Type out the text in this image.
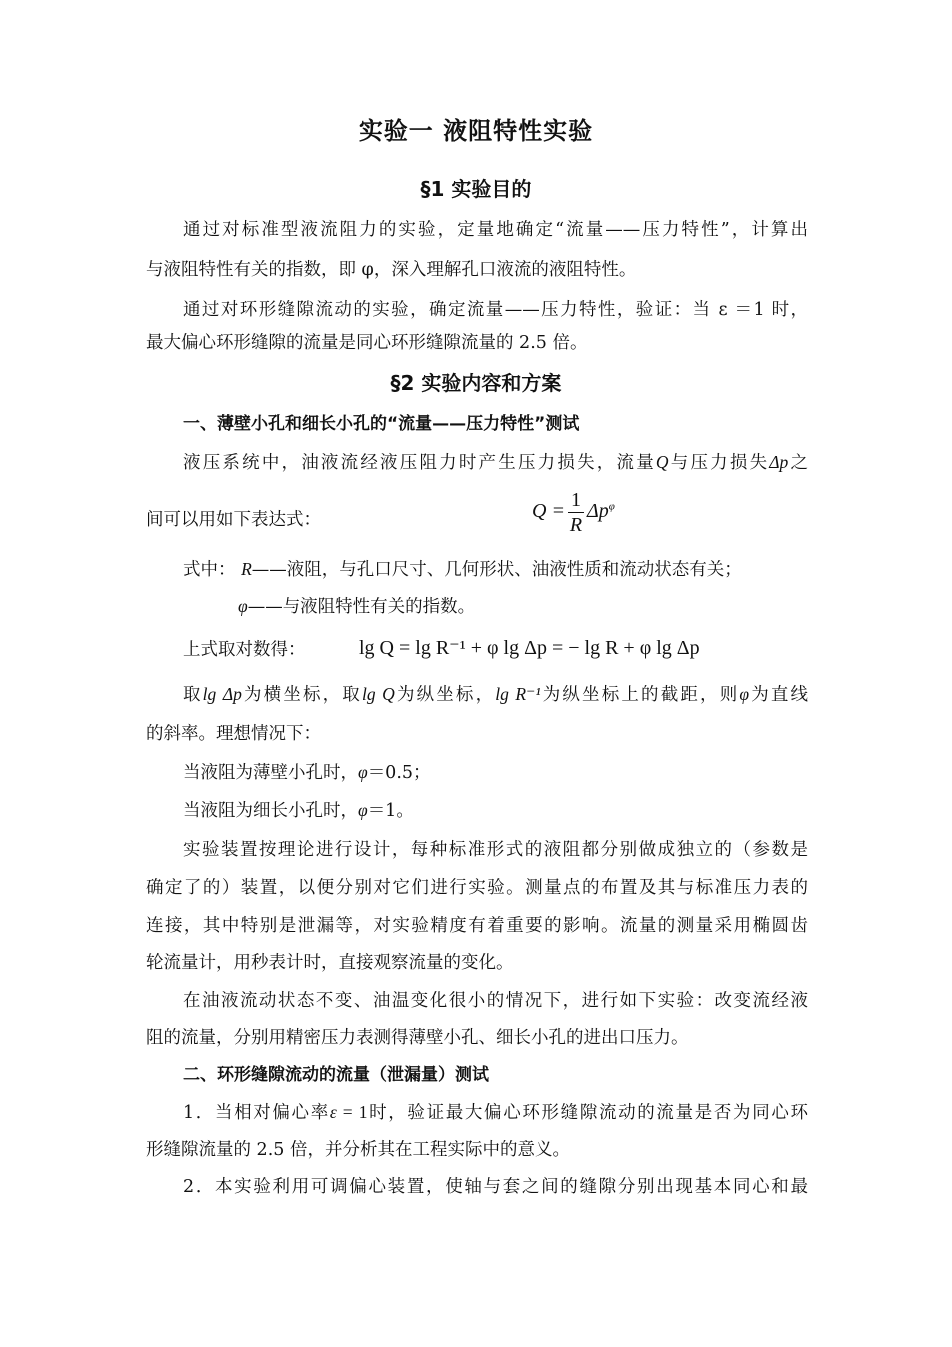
实验一 液阻特性实验
§1 实验目的
通过对标准型液流阻力的实验，定量地确定“流量——压力特性”，计算出
与液阻特性有关的指数，即 φ，深入理解孔口液流的液阻特性。
通过对环形缝隙流动的实验，确定流量——压力特性，验证：当 ε ＝1 时，
最大偏心环形缝隙的流量是同心环形缝隙流量的 2.5 倍。
§2 实验内容和方案
一、薄壁小孔和细长小孔的“流量——压力特性”测试
液压系统中，油液流经液压阻力时产生压力损失，流量Q与压力损失Δp之
间可以用如下表达式：	$Q = \frac{1}{R} \Delta p^\varphi$
式中： R——液阻，与孔口尺寸、几何形状、油液性质和流动状态有关；
φ——与液阻特性有关的指数。
上式取对数得：	lg Q = lg R⁻¹ + φ lg Δp = − lg R + φ lg Δp
取lg Δp为横坐标，取lg Q为纵坐标，lg R⁻¹为纵坐标上的截距，则φ为直线
的斜率。理想情况下：
当液阻为薄壁小孔时，φ＝0.5；
当液阻为细长小孔时，φ＝1。
实验装置按理论进行设计，每种标准形式的液阻都分别做成独立的（参数是
确定了的）装置，以便分别对它们进行实验。测量点的布置及其与标准压力表的
连接，其中特别是泄漏等，对实验精度有着重要的影响。流量的测量采用椭圆齿
轮流量计，用秒表计时，直接观察流量的变化。
在油液流动状态不变、油温变化很小的情况下，进行如下实验：改变流经液
阻的流量，分别用精密压力表测得薄壁小孔、细长小孔的进出口压力。
二、环形缝隙流动的流量（泄漏量）测试
1．当相对偏心率ε = 1时，验证最大偏心环形缝隙流动的流量是否为同心环
形缝隙流量的 2.5 倍，并分析其在工程实际中的意义。
2．本实验利用可调偏心装置，使轴与套之间的缝隙分别出现基本同心和最
